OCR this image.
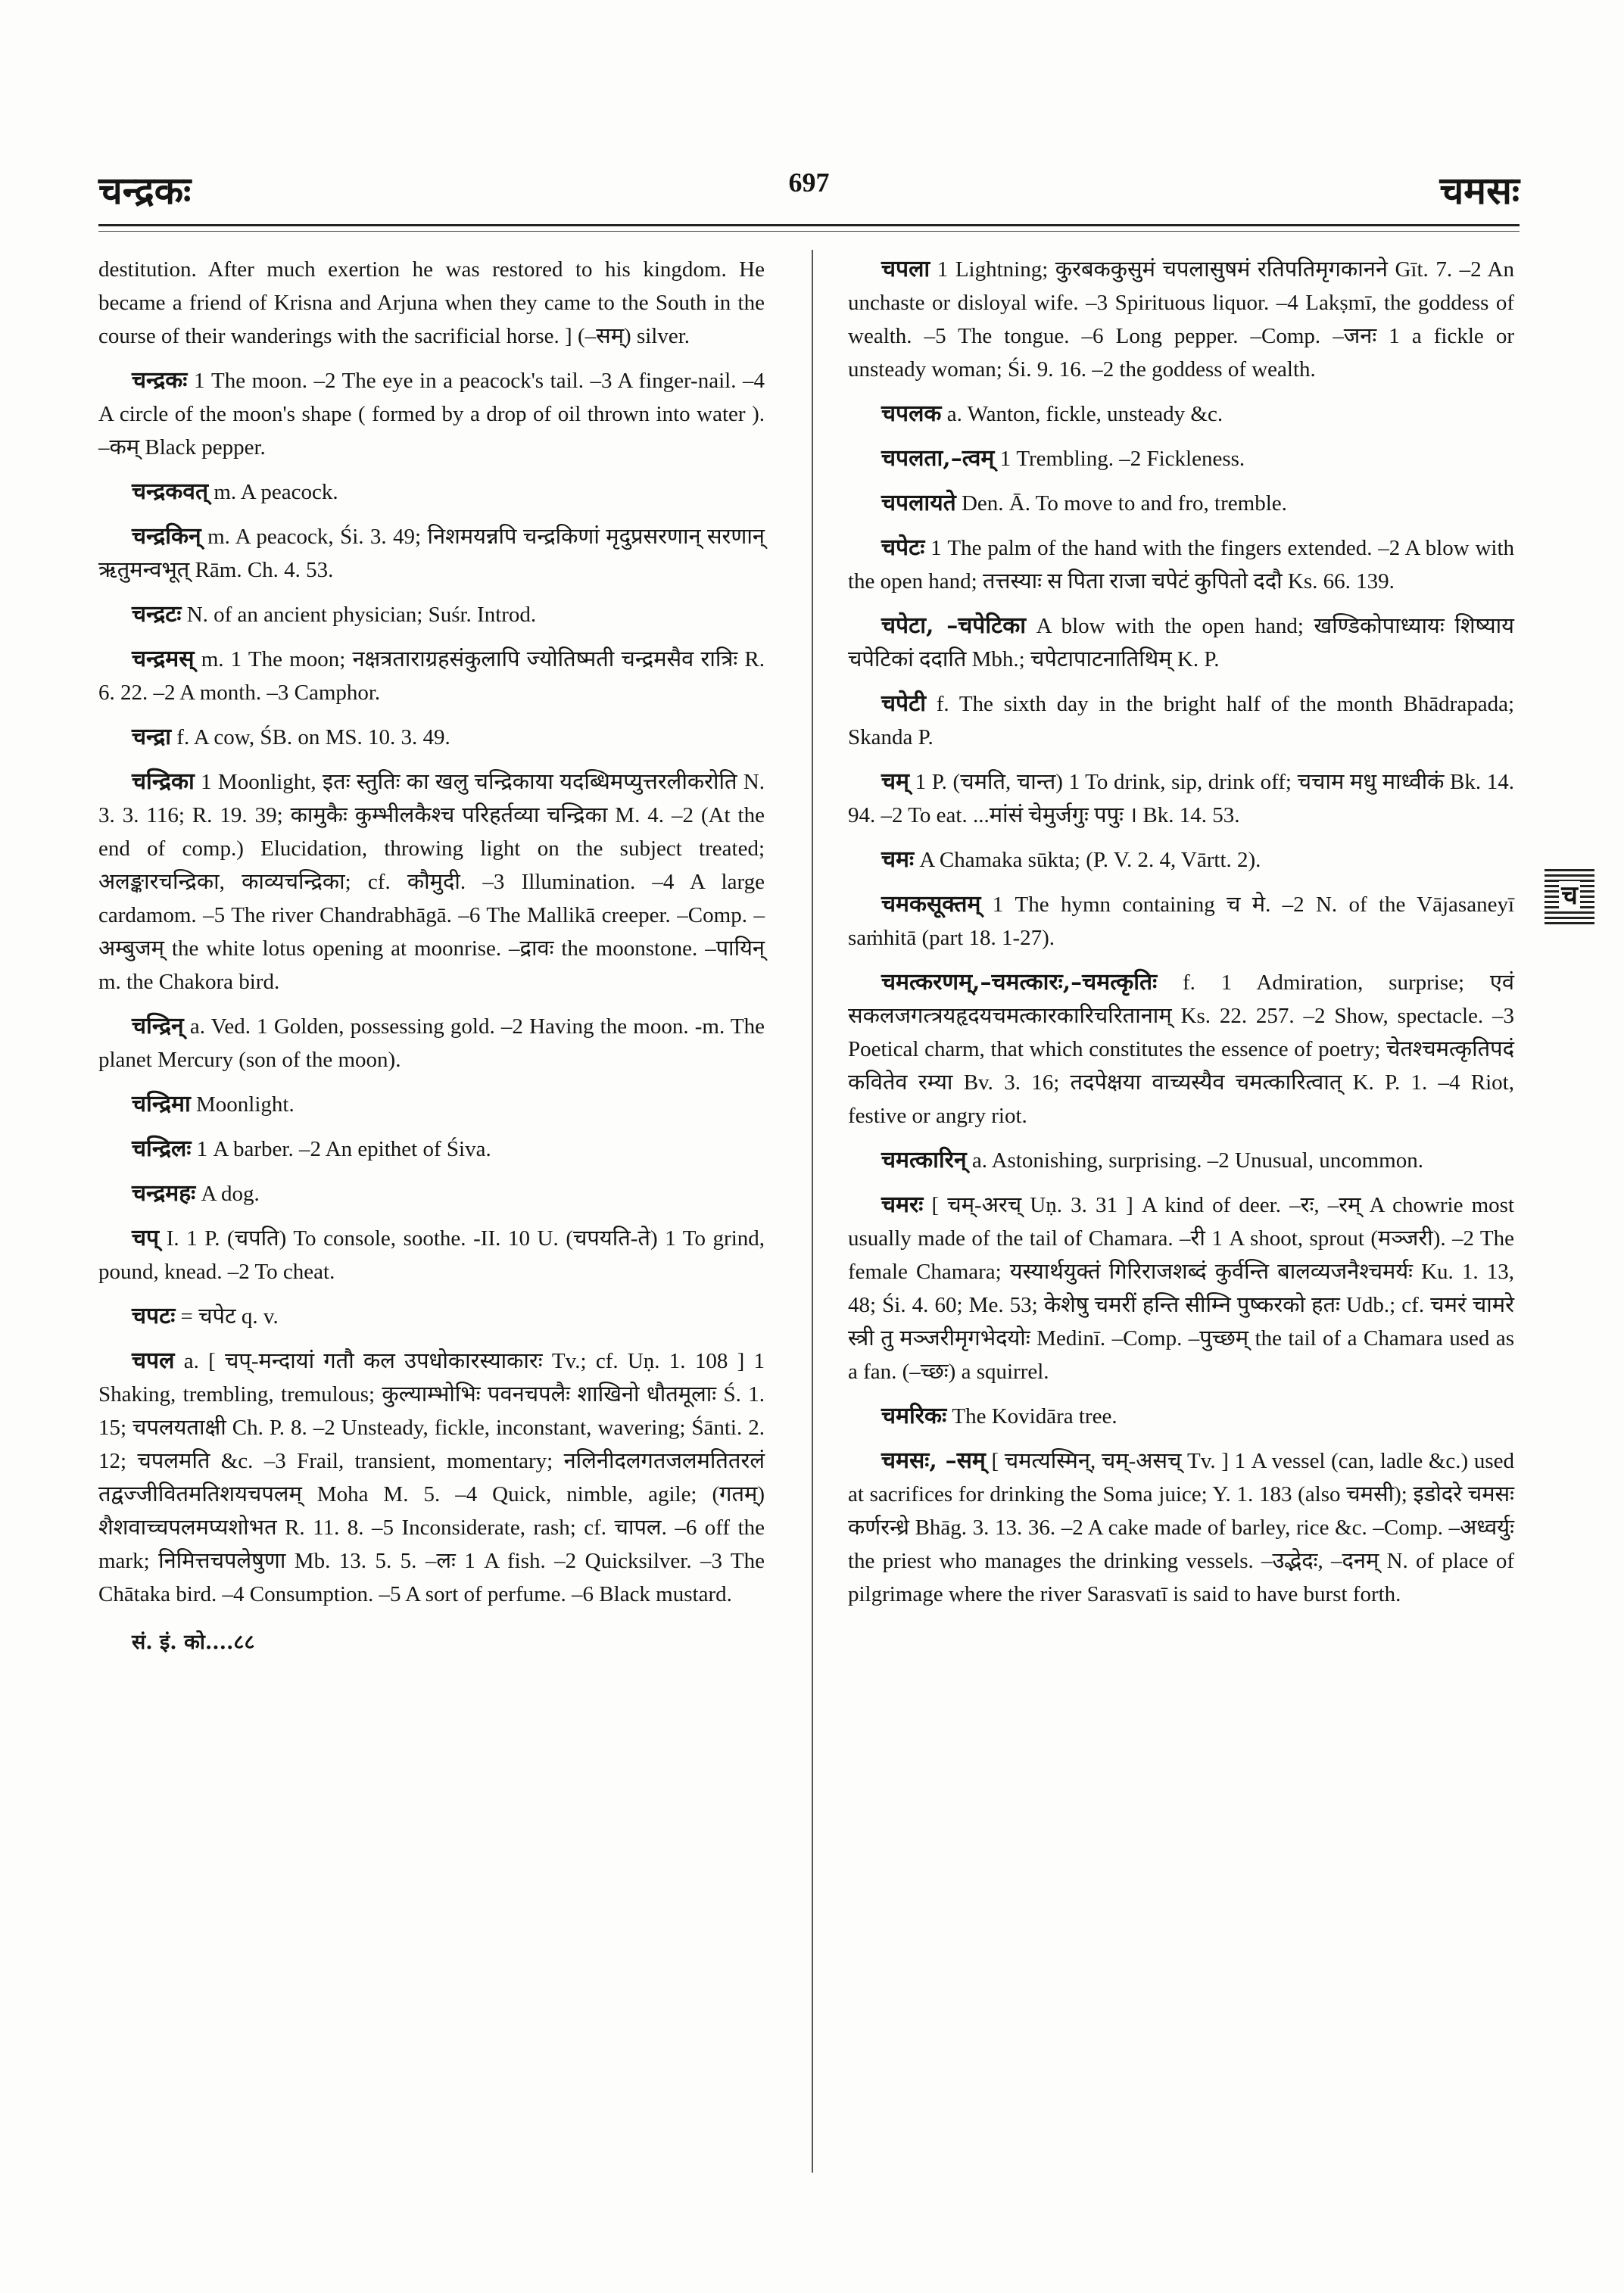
चन्द्रकः	697	चमसः

destitution. After much exertion he was restored to his kingdom. He became a friend of Krisna and Arjuna when they came to the South in the course of their wanderings with the sacrificial horse. ] (–सम्) silver.

चन्द्रकः 1 The moon. –2 The eye in a peacock's tail. –3 A finger-nail. –4 A circle of the moon's shape ( formed by a drop of oil thrown into water ). –कम् Black pepper.

चन्द्रकवत् m. A peacock.

चन्द्रकिन् m. A peacock, Śi. 3. 49; निशमयन्नपि चन्द्रकिणां मृदुप्रसरणान् सरणान् ऋतुमन्वभूत् Rām. Ch. 4. 53.

चन्द्रटः N. of an ancient physician; Suśr. Introd.

चन्द्रमस् m. 1 The moon; नक्षत्रताराग्रहसंकुलापि ज्योतिष्मती चन्द्रमसैव रात्रिः R. 6. 22. –2 A month. –3 Camphor.

चन्द्रा f. A cow, ŚB. on MS. 10. 3. 49.

चन्द्रिका 1 Moonlight, इतः स्तुतिः का खलु चन्द्रिकाया यदब्धिमप्युत्तरलीकरोति N. 3. 3. 116; R. 19. 39; कामुकैः कुम्भीलकैश्च परिहर्तव्या चन्द्रिका M. 4. –2 (At the end of comp.) Elucidation, throwing light on the subject treated; अलङ्कारचन्द्रिका, काव्यचन्द्रिका; cf. कौमुदी. –3 Illumination. –4 A large cardamom. –5 The river Chandrabhāgā. –6 The Mallikā creeper. –Comp. –अम्बुजम् the white lotus opening at moonrise. –द्रावः the moonstone. –पायिन् m. the Chakora bird.

चन्द्रिन् a. Ved. 1 Golden, possessing gold. –2 Having the moon. -m. The planet Mercury (son of the moon).

चन्द्रिमा Moonlight.

चन्द्रिलः 1 A barber. –2 An epithet of Śiva.

चन्द्रमहः A dog.

चप् I. 1 P. (चपति) To console, soothe. -II. 10 U. (चपयति-ते) 1 To grind, pound, knead. –2 To cheat.

चपटः = चपेट q. v.

चपल a. [ चप्-मन्दायां गतौ कल उपधोकारस्याकारः Tv.; cf. Uṇ. 1. 108 ] 1 Shaking, trembling, tremulous; कुल्याम्भोभिः पवनचपलैः शाखिनो धौतमूलाः Ś. 1. 15; चपलयताक्षी Ch. P. 8. –2 Unsteady, fickle, inconstant, wavering; Śānti. 2. 12; चपलमति &c. –3 Frail, transient, momentary; नलिनीदलगतजलमतितरलं तद्वज्जीवितमतिशयचपलम् Moha M. 5. –4 Quick, nimble, agile; (गतम्) शैशवाच्चपलमप्यशोभत R. 11. 8. –5 Inconsiderate, rash; cf. चापल. –6 off the mark; निमित्तचपलेषुणा Mb. 13. 5. 5. –लः 1 A fish. –2 Quicksilver. –3 The Chātaka bird. –4 Consumption. –5 A sort of perfume. –6 Black mustard.

सं. इं. को....८८

चपला 1 Lightning; कुरबककुसुमं चपलासुषमं रतिपतिमृगकानने Gīt. 7. –2 An unchaste or disloyal wife. –3 Spirituous liquor. –4 Lakṣmī, the goddess of wealth. –5 The tongue. –6 Long pepper. –Comp. –जनः 1 a fickle or unsteady woman; Śi. 9. 16. –2 the goddess of wealth.

चपलक a. Wanton, fickle, unsteady &c.

चपलता,–त्वम् 1 Trembling. –2 Fickleness.

चपलायते Den. Ā. To move to and fro, tremble.

चपेटः 1 The palm of the hand with the fingers extended. –2 A blow with the open hand; तत्तस्याः स पिता राजा चपेटं कुपितो ददौ Ks. 66. 139.

चपेटा, –चपेटिका A blow with the open hand; खण्डिकोपाध्यायः शिष्याय चपेटिकां ददाति Mbh.; चपेटापाटनातिथिम् K. P.

चपेटी f. The sixth day in the bright half of the month Bhādrapada; Skanda P.

चम् 1 P. (चमति, चान्त) 1 To drink, sip, drink off; चचाम मधु माध्वीकं Bk. 14. 94. –2 To eat. ...मांसं चेमुर्जगुः पपुः । Bk. 14. 53.

चमः A Chamaka sūkta; (P. V. 2. 4, Vārtt. 2).

चमकसूक्तम् 1 The hymn containing च मे. –2 N. of the Vājasaneyī saṁhitā (part 18. 1-27).

चमत्करणम्,–चमत्कारः,–चमत्कृतिः f. 1 Admiration, surprise; एवं सकलजगत्त्रयहृदयचमत्कारकारिचरितानाम् Ks. 22. 257. –2 Show, spectacle. –3 Poetical charm, that which constitutes the essence of poetry; चेतश्चमत्कृतिपदं कवितेव रम्या Bv. 3. 16; तदपेक्षया वाच्यस्यैव चमत्कारित्वात् K. P. 1. –4 Riot, festive or angry riot.

चमत्कारिन् a. Astonishing, surprising. –2 Unusual, uncommon.

चमरः [ चम्-अरच् Uṇ. 3. 31 ] A kind of deer. –रः, –रम् A chowrie most usually made of the tail of Chamara. –री 1 A shoot, sprout (मञ्जरी). –2 The female Chamara; यस्यार्थयुक्तं गिरिराजशब्दं कुर्वन्ति बालव्यजनैश्चमर्यः Ku. 1. 13, 48; Śi. 4. 60; Me. 53; केशेषु चमरीं हन्ति सीम्नि पुष्करको हतः Udb.; cf. चमरं चामरे स्त्री तु मञ्जरीमृगभेदयोः Medinī. –Comp. –पुच्छम् the tail of a Chamara used as a fan. (–च्छः) a squirrel.

चमरिकः The Kovidāra tree.

चमसः, –सम् [ चमत्यस्मिन्, चम्-असच् Tv. ] 1 A vessel (can, ladle &c.) used at sacrifices for drinking the Soma juice; Y. 1. 183 (also चमसी); इडोदरे चमसः कर्णरन्ध्रे Bhāg. 3. 13. 36. –2 A cake made of barley, rice &c. –Comp. –अध्वर्युः the priest who manages the drinking vessels. –उद्भेदः, –दनम् N. of place of pilgrimage where the river Sarasvatī is said to have burst forth.

च
